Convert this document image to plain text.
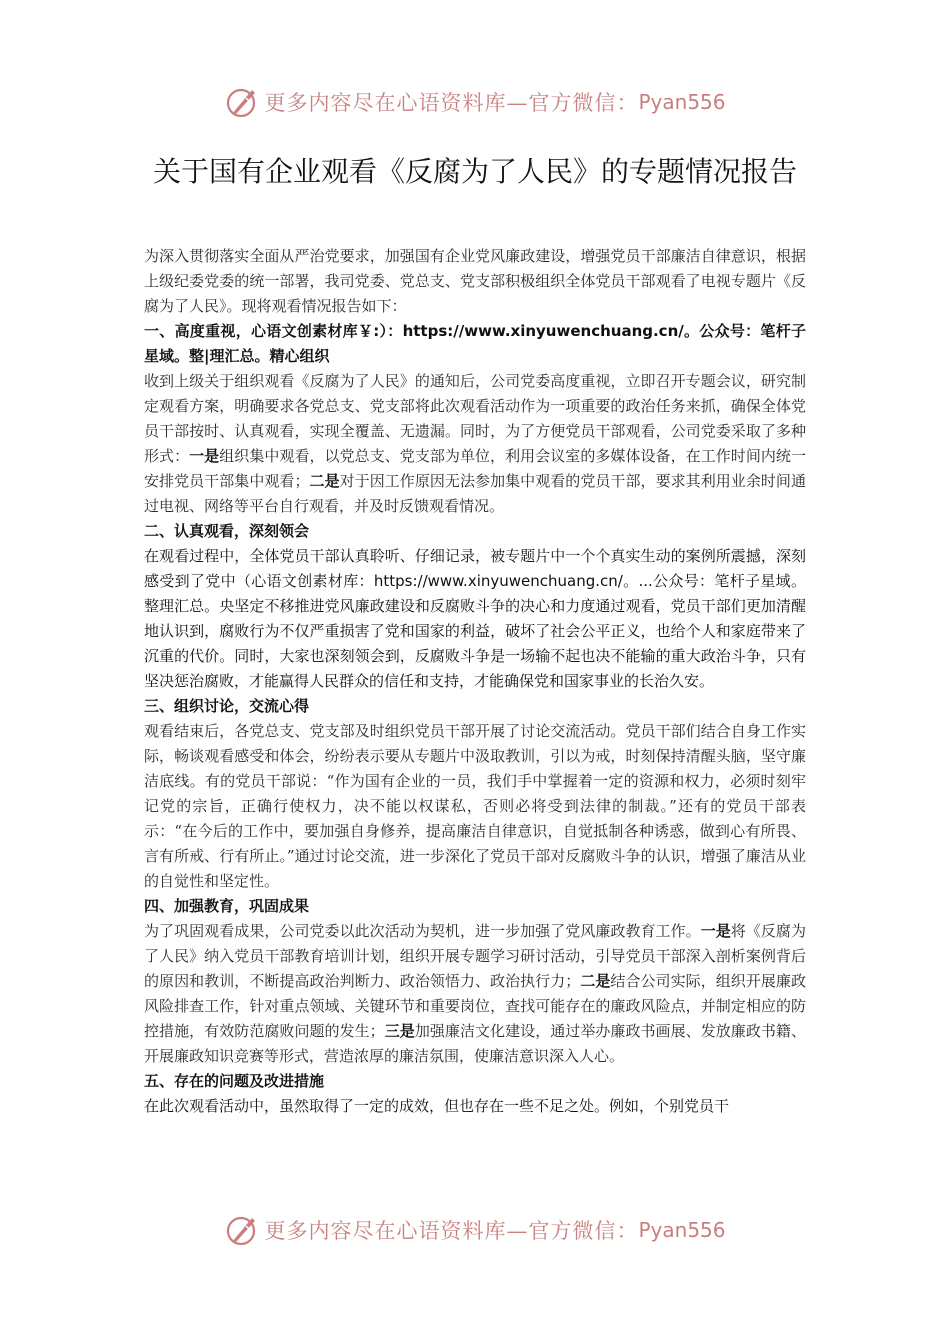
更多内容尽在心语资料库—官方微信： Pyan556
关于国有企业观看《反腐为了人民》的专题情况报告

为深入贯彻落实全面从严治党要求，加强国有企业党风廉政建设，增强党员干部廉洁自律意识，根据上级纪委党委的统一部署，我司党委、党总支、党支部积极组织全体党员干部观看了电视专题片《反腐为了人民》。现将观看情况报告如下：

一、高度重视，心语文创素材库￥:）：https://www.xinyuwenchuang.cn/。公众号：笔杆子星域。整|理汇总。精心组织

收到上级关于组织观看《反腐为了人民》的通知后，公司党委高度重视，立即召开专题会议，研究制定观看方案，明确要求各党总支、党支部将此次观看活动作为一项重要的政治任务来抓，确保全体党员干部按时、认真观看，实现全覆盖、无遗漏。同时，为了方便党员干部观看，公司党委采取了多种形式：一是组织集中观看，以党总支、党支部为单位，利用会议室的多媒体设备，在工作时间内统一安排党员干部集中观看；二是对于因工作原因无法参加集中观看的党员干部，要求其利用业余时间通过电视、网络等平台自行观看，并及时反馈观看情况。

二、认真观看，深刻领会

在观看过程中，全体党员干部认真聆听、仔细记录，被专题片中一个个真实生动的案例所震撼，深刻感受到了党中（心语文创素材库：https://www.xinyuwenchuang.cn/。...公众号：笔杆子星域。整理汇总。央坚定不移推进党风廉政建设和反腐败斗争的决心和力度通过观看，党员干部们更加清醒地认识到，腐败行为不仅严重损害了党和国家的利益，破坏了社会公平正义，也给个人和家庭带来了沉重的代价。同时，大家也深刻领会到，反腐败斗争是一场输不起也决不能输的重大政治斗争，只有坚决惩治腐败，才能赢得人民群众的信任和支持，才能确保党和国家事业的长治久安。

三、组织讨论，交流心得

观看结束后，各党总支、党支部及时组织党员干部开展了讨论交流活动。党员干部们结合自身工作实际，畅谈观看感受和体会，纷纷表示要从专题片中汲取教训，引以为戒，时刻保持清醒头脑，坚守廉洁底线。有的党员干部说：“作为国有企业的一员，我们手中掌握着一定的资源和权力，必须时刻牢记党的宗旨，正确行使权力，决不能以权谋私，否则必将受到法律的制裁。”还有的党员干部表示：“在今后的工作中，要加强自身修养，提高廉洁自律意识，自觉抵制各种诱惑，做到心有所畏、言有所戒、行有所止。”通过讨论交流，进一步深化了党员干部对反腐败斗争的认识，增强了廉洁从业的自觉性和坚定性。

四、加强教育，巩固成果

为了巩固观看成果，公司党委以此次活动为契机，进一步加强了党风廉政教育工作。一是将《反腐为了人民》纳入党员干部教育培训计划，组织开展专题学习研讨活动，引导党员干部深入剖析案例背后的原因和教训，不断提高政治判断力、政治领悟力、政治执行力；二是结合公司实际，组织开展廉政风险排查工作，针对重点领域、关键环节和重要岗位，查找可能存在的廉政风险点，并制定相应的防控措施，有效防范腐败问题的发生；三是加强廉洁文化建设，通过举办廉政书画展、发放廉政书籍、开展廉政知识竞赛等形式，营造浓厚的廉洁氛围，使廉洁意识深入人心。

五、存在的问题及改进措施

在此次观看活动中，虽然取得了一定的成效，但也存在一些不足之处。例如，个别党员干

更多内容尽在心语资料库—官方微信： Pyan556
